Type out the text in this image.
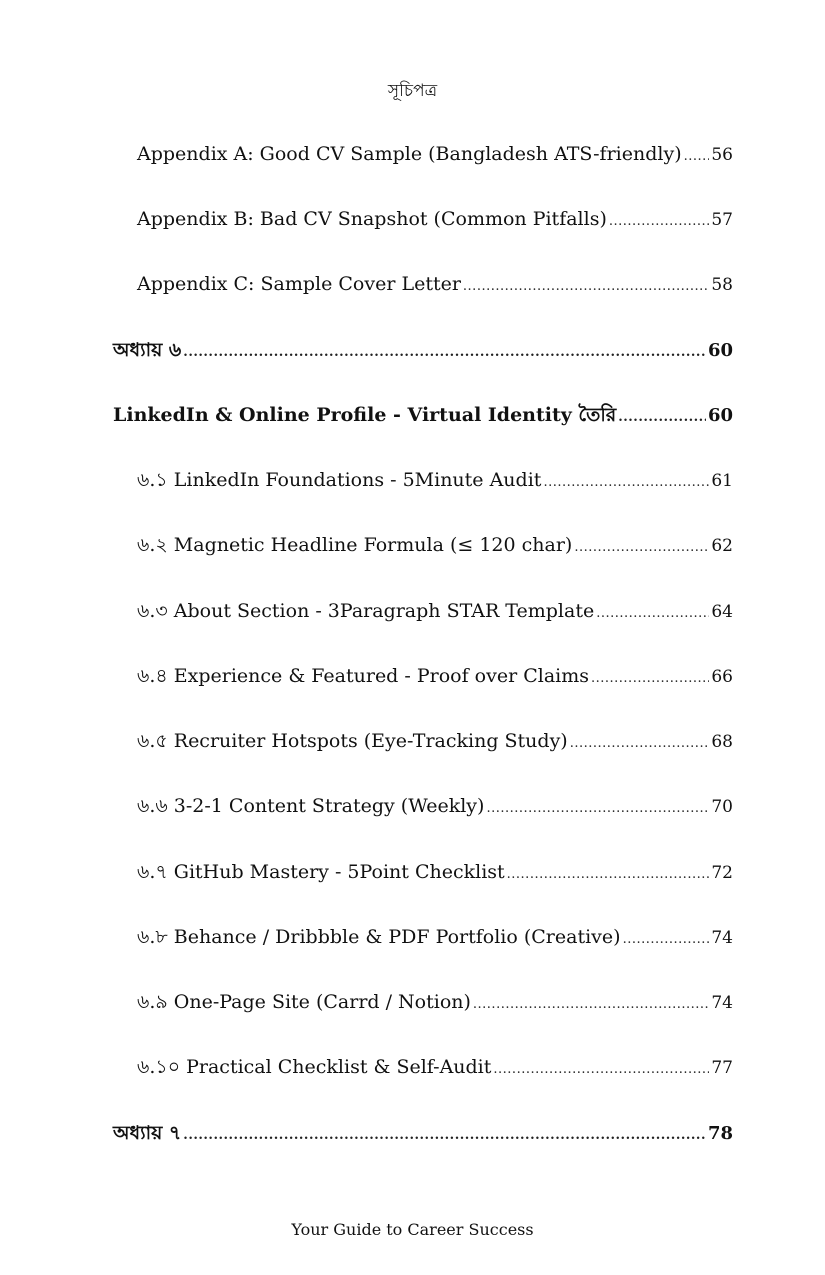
সূচিপত্র
Appendix A: Good CV Sample (Bangladesh ATS-friendly) ..... 56
Appendix B: Bad CV Snapshot (Common Pitfalls) .....	57
Appendix C: Sample Cover Letter .....	58
অধ্যায় ৬ .....	60
LinkedIn & Online Profile - Virtual Identity তৈরি .....	60
৬.১ LinkedIn Foundations - 5Minute Audit .....	61
৬.২ Magnetic Headline Formula (≤ 120 char) .....	62
৬.৩ About Section - 3Paragraph STAR Template .....	64
৬.৪ Experience & Featured - Proof over Claims .....	66
৬.৫ Recruiter Hotspots (Eye-Tracking Study) .....	68
৬.৬ 3-2-1 Content Strategy (Weekly) .....	70
৬.৭ GitHub Mastery - 5Point Checklist .....	72
৬.৮ Behance / Dribbble & PDF Portfolio (Creative) .....	74
৬.৯ One-Page Site (Carrd / Notion) .....	74
৬.১০ Practical Checklist & Self-Audit .....	77
অধ্যায় ৭ .....	78
Your Guide to Career Success
